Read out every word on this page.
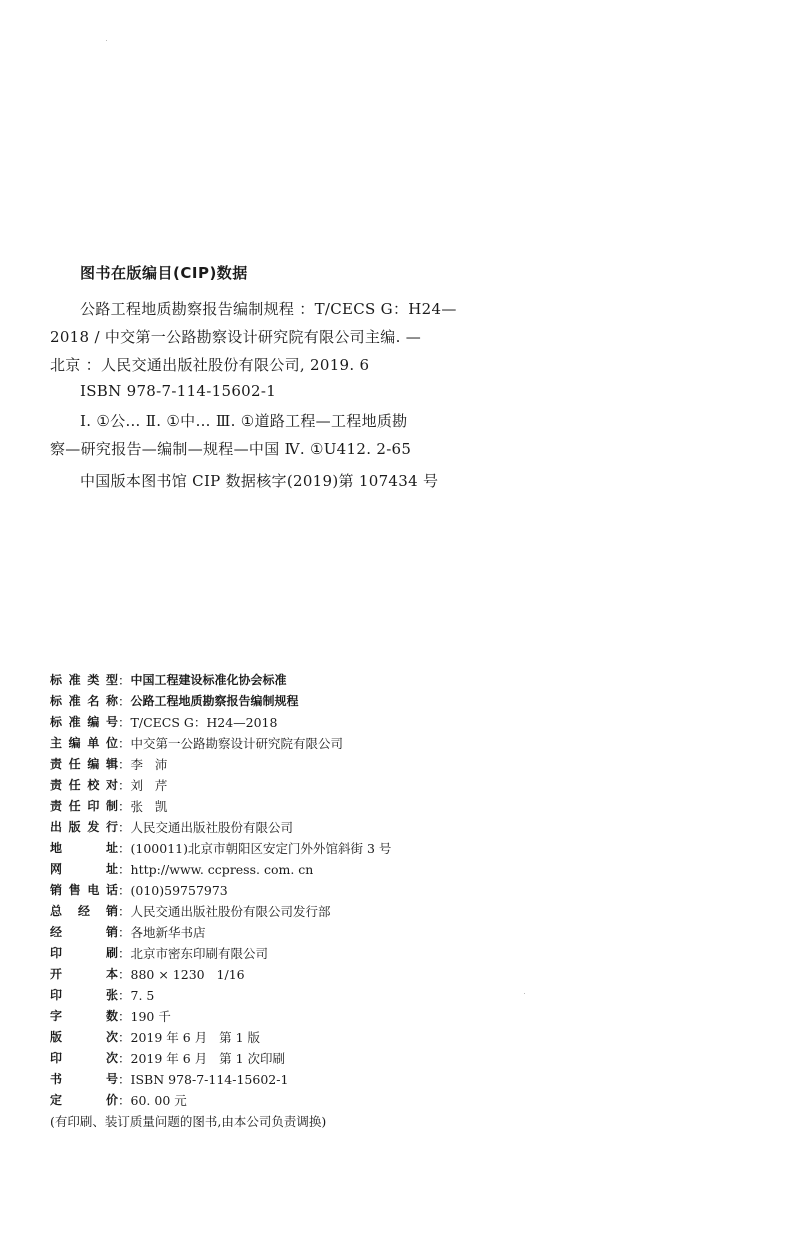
图书在版编目(CIP)数据
公路工程地质勘察报告编制规程 ：T/CECS G：H24—
2018 / 中交第一公路勘察设计研究院有限公司主编. —
北京 ：人民交通出版社股份有限公司, 2019. 6
ISBN 978-7-114-15602-1
Ⅰ. ①公… Ⅱ. ①中… Ⅲ. ①道路工程—工程地质勘
察—研究报告—编制—规程—中国 Ⅳ. ①U412. 2-65
中国版本图书馆 CIP 数据核字(2019)第 107434 号
标准类型 ： 中国工程建设标准化协会标准
标准名称 ： 公路工程地质勘察报告编制规程
标准编号 ： T/CECS G：H24—2018
主编单位 ： 中交第一公路勘察设计研究院有限公司
责任编辑 ： 李   沛
责任校对 ： 刘   芹
责任印制 ： 张   凯
出版发行 ： 人民交通出版社股份有限公司
地址 ： (100011)北京市朝阳区安定门外外馆斜街 3 号
网址 ： http://www. ccpress. com. cn
销售电话 ： (010)59757973
总经销 ： 人民交通出版社股份有限公司发行部
经销 ： 各地新华书店
印刷 ： 北京市密东印刷有限公司
开本 ： 880 × 1230   1/16
印张 ： 7. 5
字数 ： 190 千
版次 ： 2019 年 6 月   第 1 版
印次 ： 2019 年 6 月   第 1 次印刷
书号 ： ISBN 978-7-114-15602-1
定价 ： 60. 00 元
(有印刷、装订质量问题的图书,由本公司负责调换)
